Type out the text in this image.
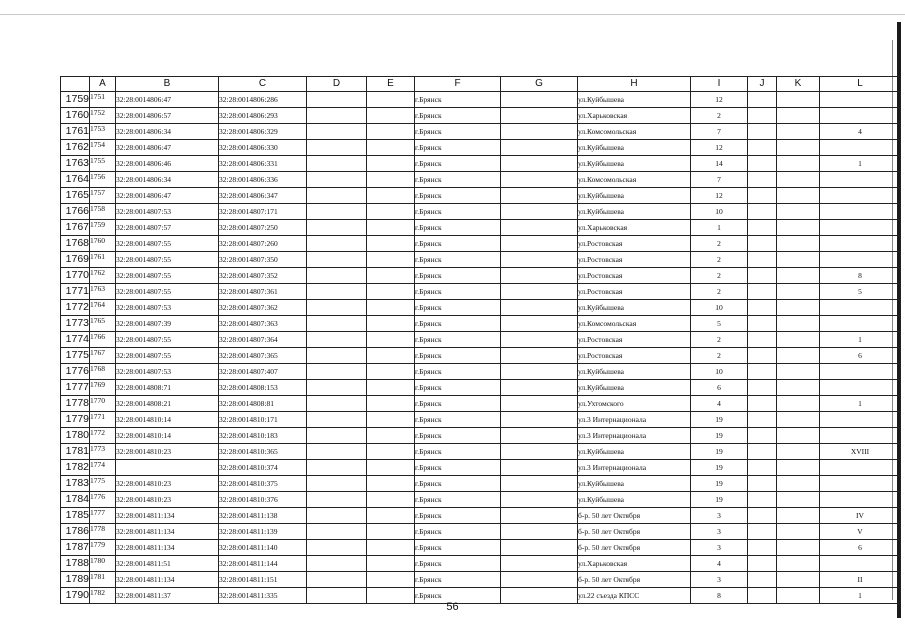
	A	B	C	D	E	F	G	H	I	J	K	L
1759	1751	32:28:0014806:47	32:28:0014806:286			г.Брянск		ул.Куйбышева	12			
1760	1752	32:28:0014806:57	32:28:0014806:293			г.Брянск		ул.Харьковская	2			
1761	1753	32:28:0014806:34	32:28:0014806:329			г.Брянск		ул.Комсомольская	7			4
1762	1754	32:28:0014806:47	32:28:0014806:330			г.Брянск		ул.Куйбышева	12			
1763	1755	32:28:0014806:46	32:28:0014806:331			г.Брянск		ул.Куйбышева	14			1
1764	1756	32:28:0014806:34	32:28:0014806:336			г.Брянск		ул.Комсомольская	7			
1765	1757	32:28:0014806:47	32:28:0014806:347			г.Брянск		ул.Куйбышева	12			
1766	1758	32:28:0014807:53	32:28:0014807:171			г.Брянск		ул.Куйбышева	10			
1767	1759	32:28:0014807:57	32:28:0014807:250			г.Брянск		ул.Харьковская	1			
1768	1760	32:28:0014807:55	32:28:0014807:260			г.Брянск		ул.Ростовская	2			
1769	1761	32:28:0014807:55	32:28:0014807:350			г.Брянск		ул.Ростовская	2			
1770	1762	32:28:0014807:55	32:28:0014807:352			г.Брянск		ул.Ростовская	2			8
1771	1763	32:28:0014807:55	32:28:0014807:361			г.Брянск		ул.Ростовская	2			5
1772	1764	32:28:0014807:53	32:28:0014807:362			г.Брянск		ул.Куйбышева	10			
1773	1765	32:28:0014807:39	32:28:0014807:363			г.Брянск		ул.Комсомольская	5			
1774	1766	32:28:0014807:55	32:28:0014807:364			г.Брянск		ул.Ростовская	2			1
1775	1767	32:28:0014807:55	32:28:0014807:365			г.Брянск		ул.Ростовская	2			6
1776	1768	32:28:0014807:53	32:28:0014807:407			г.Брянск		ул.Куйбышева	10			
1777	1769	32:28:0014808:71	32:28:0014808:153			г.Брянск		ул.Куйбышева	6			
1778	1770	32:28:0014808:21	32:28:0014808:81			г.Брянск		ул.Ухтомского	4			1
1779	1771	32:28:0014810:14	32:28:0014810:171			г.Брянск		ул.3 Интернационала	19			
1780	1772	32:28:0014810:14	32:28:0014810:183			г.Брянск		ул.3 Интернационала	19			
1781	1773	32:28:0014810:23	32:28:0014810:365			г.Брянск		ул.Куйбышева	19			XVIII
1782	1774		32:28:0014810:374			г.Брянск		ул.3 Интернационала	19			
1783	1775	32:28:0014810:23	32:28:0014810:375			г.Брянск		ул.Куйбышева	19			
1784	1776	32:28:0014810:23	32:28:0014810:376			г.Брянск		ул.Куйбышева	19			
1785	1777	32:28:0014811:134	32:28:0014811:138			г.Брянск		б-р. 50 лет Октября	3			IV
1786	1778	32:28:0014811:134	32:28:0014811:139			г.Брянск		б-р. 50 лет Октября	3			V
1787	1779	32:28:0014811:134	32:28:0014811:140			г.Брянск		б-р. 50 лет Октября	3			6
1788	1780	32:28:0014811:51	32:28:0014811:144			г.Брянск		ул.Харьковская	4			
1789	1781	32:28:0014811:134	32:28:0014811:151			г.Брянск		б-р. 50 лет Октября	3			II
1790	1782	32:28:0014811:37	32:28:0014811:335			г.Брянск		ул.22 съезда КПСС	8			1
56
